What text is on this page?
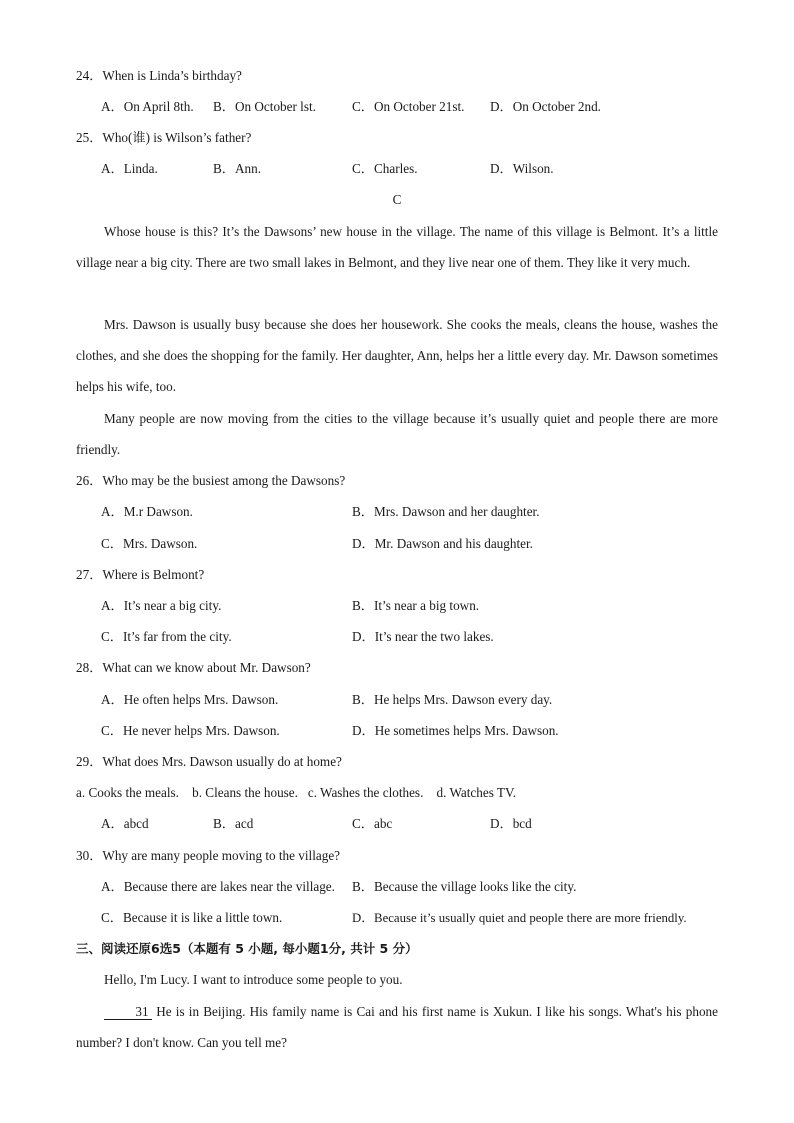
24．When is Linda’s birthday?
A．On April 8th. B．On October lst.	C．On October 21st. D．On October 2nd.
25．Who(谁) is Wilson’s father?
A．Linda.	B．Ann.	C．Charles.	D．Wilson.
C
Whose house is this? It’s the Dawsons’ new house in the village. The name of this village is Belmont. It’s a little village near a big city. There are two small lakes in Belmont, and they live near one of them. They like it very much.
Mrs. Dawson is usually busy because she does her housework. She cooks the meals, cleans the house, washes the clothes, and she does the shopping for the family. Her daughter, Ann, helps her a little every day. Mr. Dawson sometimes helps his wife, too.
Many people are now moving from the cities to the village because it’s usually quiet and people there are more friendly.
26．Who may be the busiest among the Dawsons?
A．M.r Dawson.	B．Mrs. Dawson and her daughter.
C．Mrs. Dawson.	D．Mr. Dawson and his daughter.
27．Where is Belmont?
A．It’s near a big city.	B．It’s near a big town.
C．It’s far from the city.	D．It’s near the two lakes.
28．What can we know about Mr. Dawson?
A．He often helps Mrs. Dawson.	B．He helps Mrs. Dawson every day.
C．He never helps Mrs. Dawson.	D．He sometimes helps Mrs. Dawson.
29．What does Mrs. Dawson usually do at home?
a. Cooks the meals.    b. Cleans the house.   c. Washes the clothes.    d. Watches TV.
A．abcd	B．acd	C．abc	D．bcd
30．Why are many people moving to the village?
A．Because there are lakes near the village. B．Because the village looks like the city.
C．Because it is like a little town.	D．Because it’s usually quiet and people there are more friendly.
三、阅读还原6选5（本题有 5 小题, 每小题1分, 共计 5 分）
Hello, I'm Lucy. I want to introduce some people to you.
31 He is in Beijing. His family name is Cai and his first name is Xukun. I like his songs. What's his phone number? I don't know. Can you tell me?
